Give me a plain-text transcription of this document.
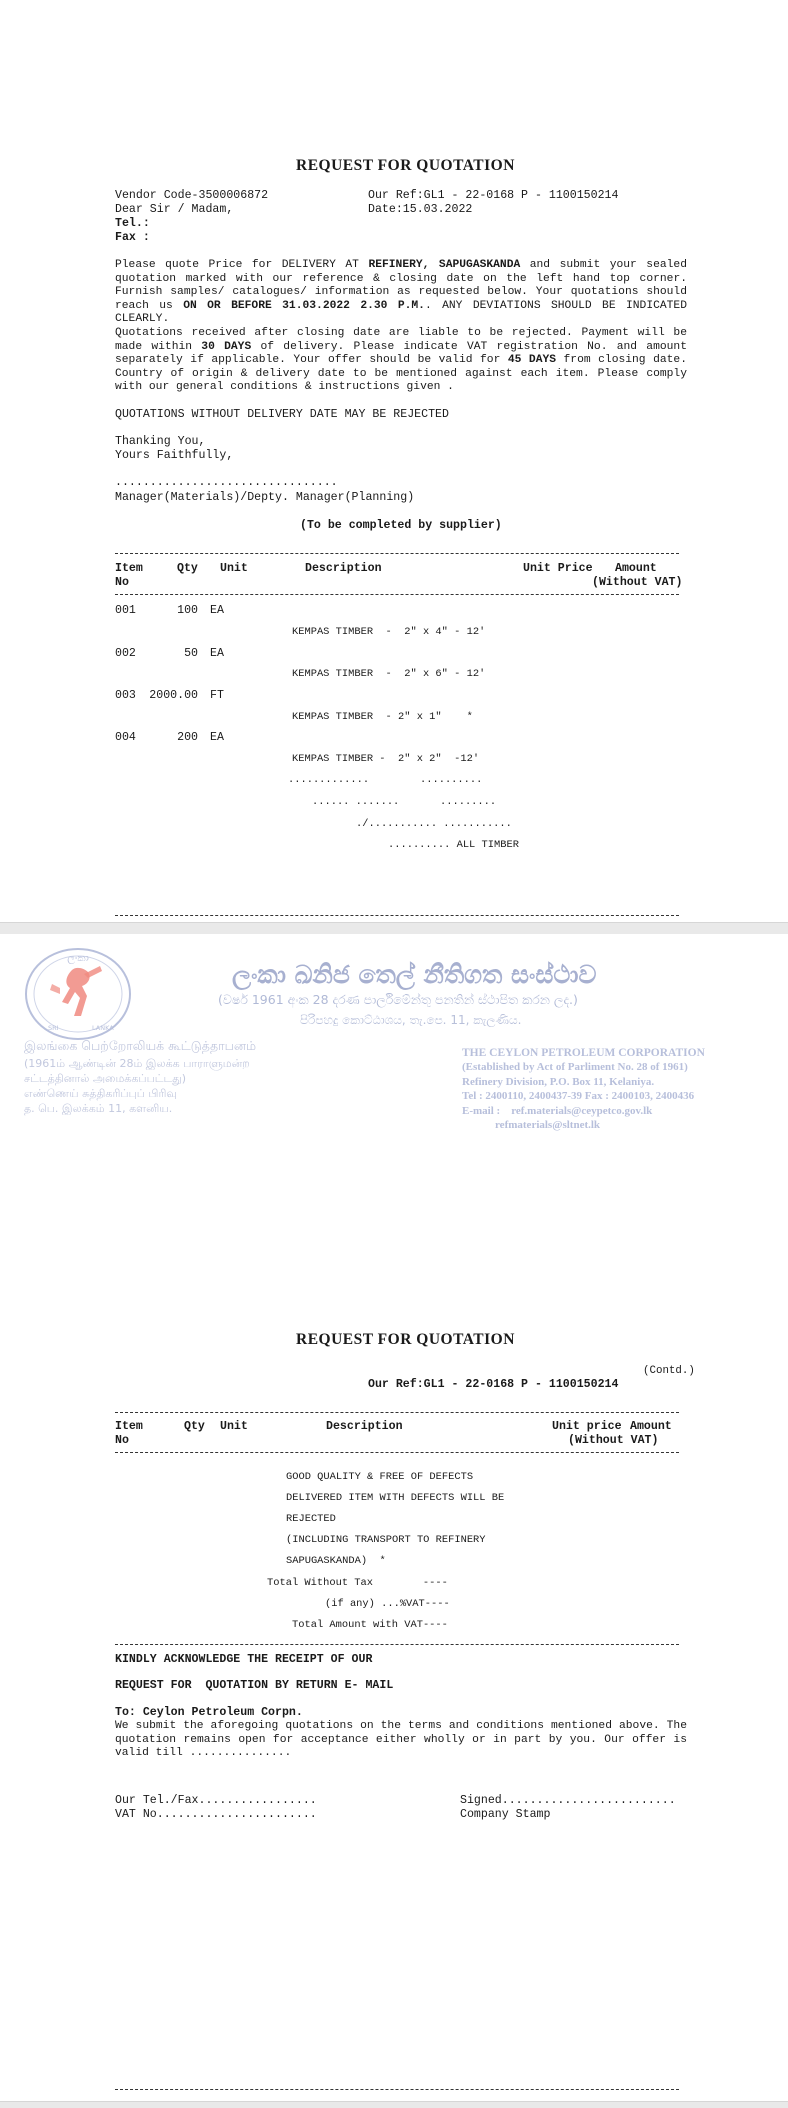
REQUEST FOR QUOTATION
Vendor Code-3500006872	Our Ref:GL1 - 22-0168 P - 1100150214
Dear Sir / Madam,	Date:15.03.2022
Tel.:
Fax :
Please quote Price for DELIVERY AT REFINERY, SAPUGASKANDA and submit your sealed quotation marked with our reference & closing date on the left hand top corner. Furnish samples/ catalogues/ information as requested below. Your quotations should reach us ON OR BEFORE 31.03.2022 2.30 P.M.. ANY DEVIATIONS SHOULD BE INDICATED CLEARLY.
Quotations received after closing date are liable to be rejected. Payment will be made within 30 DAYS of delivery. Please indicate VAT registration No. and amount separately if applicable. Your offer should be valid for 45 DAYS from closing date. Country of origin & delivery date to be mentioned against each item. Please comply with our general conditions & instructions given .
QUOTATIONS WITHOUT DELIVERY DATE MAY BE REJECTED
Thanking You,
Yours Faithfully,
................................
Manager(Materials)/Depty. Manager(Planning)
(To be completed by supplier)
Item
No
Qty Unit	Description	Unit Price Amount
(Without VAT)
001	100 EA
KEMPAS TIMBER  -  2" x 4" - 12'
002	50 EA
KEMPAS TIMBER  -  2" x 6" - 12'
003 2000.00 FT
KEMPAS TIMBER  - 2" x 1"    *
004	200 EA
KEMPAS TIMBER -  2" x 2"  -12'
.............	..........
...... .......	.........
./........... ...........
.......... ALL TIMBER
ලංකා
SRI	LANKA
ලංකා ඛනිජ තෙල් නීතිගත සංස්ථාව
(වර්ෂ 1961 අංක 28 දරණ පාර්ලිමේන්තු පනතින් ස්ථාපිත කරන ලද.)
පිරිපහදු කොට්ඨාශය, තැ.පෙ. 11, කැලණිය.
இலங்கை பெற்றோலியக் கூட்டுத்தாபனம்
(1961ம் ஆண்டின் 28ம் இலக்க பாராளுமன்ற
சட்டத்தினால் அமைக்கப்பட்டது)
எண்ணெய் சுத்திகரிப்புப் பிரிவு
த. பெ. இலக்கம் 11, களனிய.
THE CEYLON PETROLEUM CORPORATION
(Established by Act of Parliment No. 28 of 1961)
Refinery Division, P.O. Box 11, Kelaniya.
Tel : 2400110, 2400437-39 Fax : 2400103, 2400436
E-mail :    ref.materials@ceypetco.gov.lk
refmaterials@sltnet.lk
REQUEST FOR QUOTATION
(Contd.)
Our Ref:GL1 - 22-0168 P - 1100150214
Item
No
Qty Unit	Description	Unit price Amount
(Without VAT)
GOOD QUALITY & FREE OF DEFECTS
DELIVERED ITEM WITH DEFECTS WILL BE
REJECTED
(INCLUDING TRANSPORT TO REFINERY
SAPUGASKANDA)  *
Total Without Tax        ----
(if any) ...%VAT----
Total Amount with VAT----
KINDLY ACKNOWLEDGE THE RECEIPT OF OUR
REQUEST FOR  QUOTATION BY RETURN E- MAIL
To: Ceylon Petroleum Corpn.
We submit the aforegoing quotations on the terms and conditions mentioned above. The quotation remains open for acceptance either wholly or in part by you. Our offer is valid till ...............
Our Tel./Fax.................	Signed.........................
VAT No.......................	Company Stamp
